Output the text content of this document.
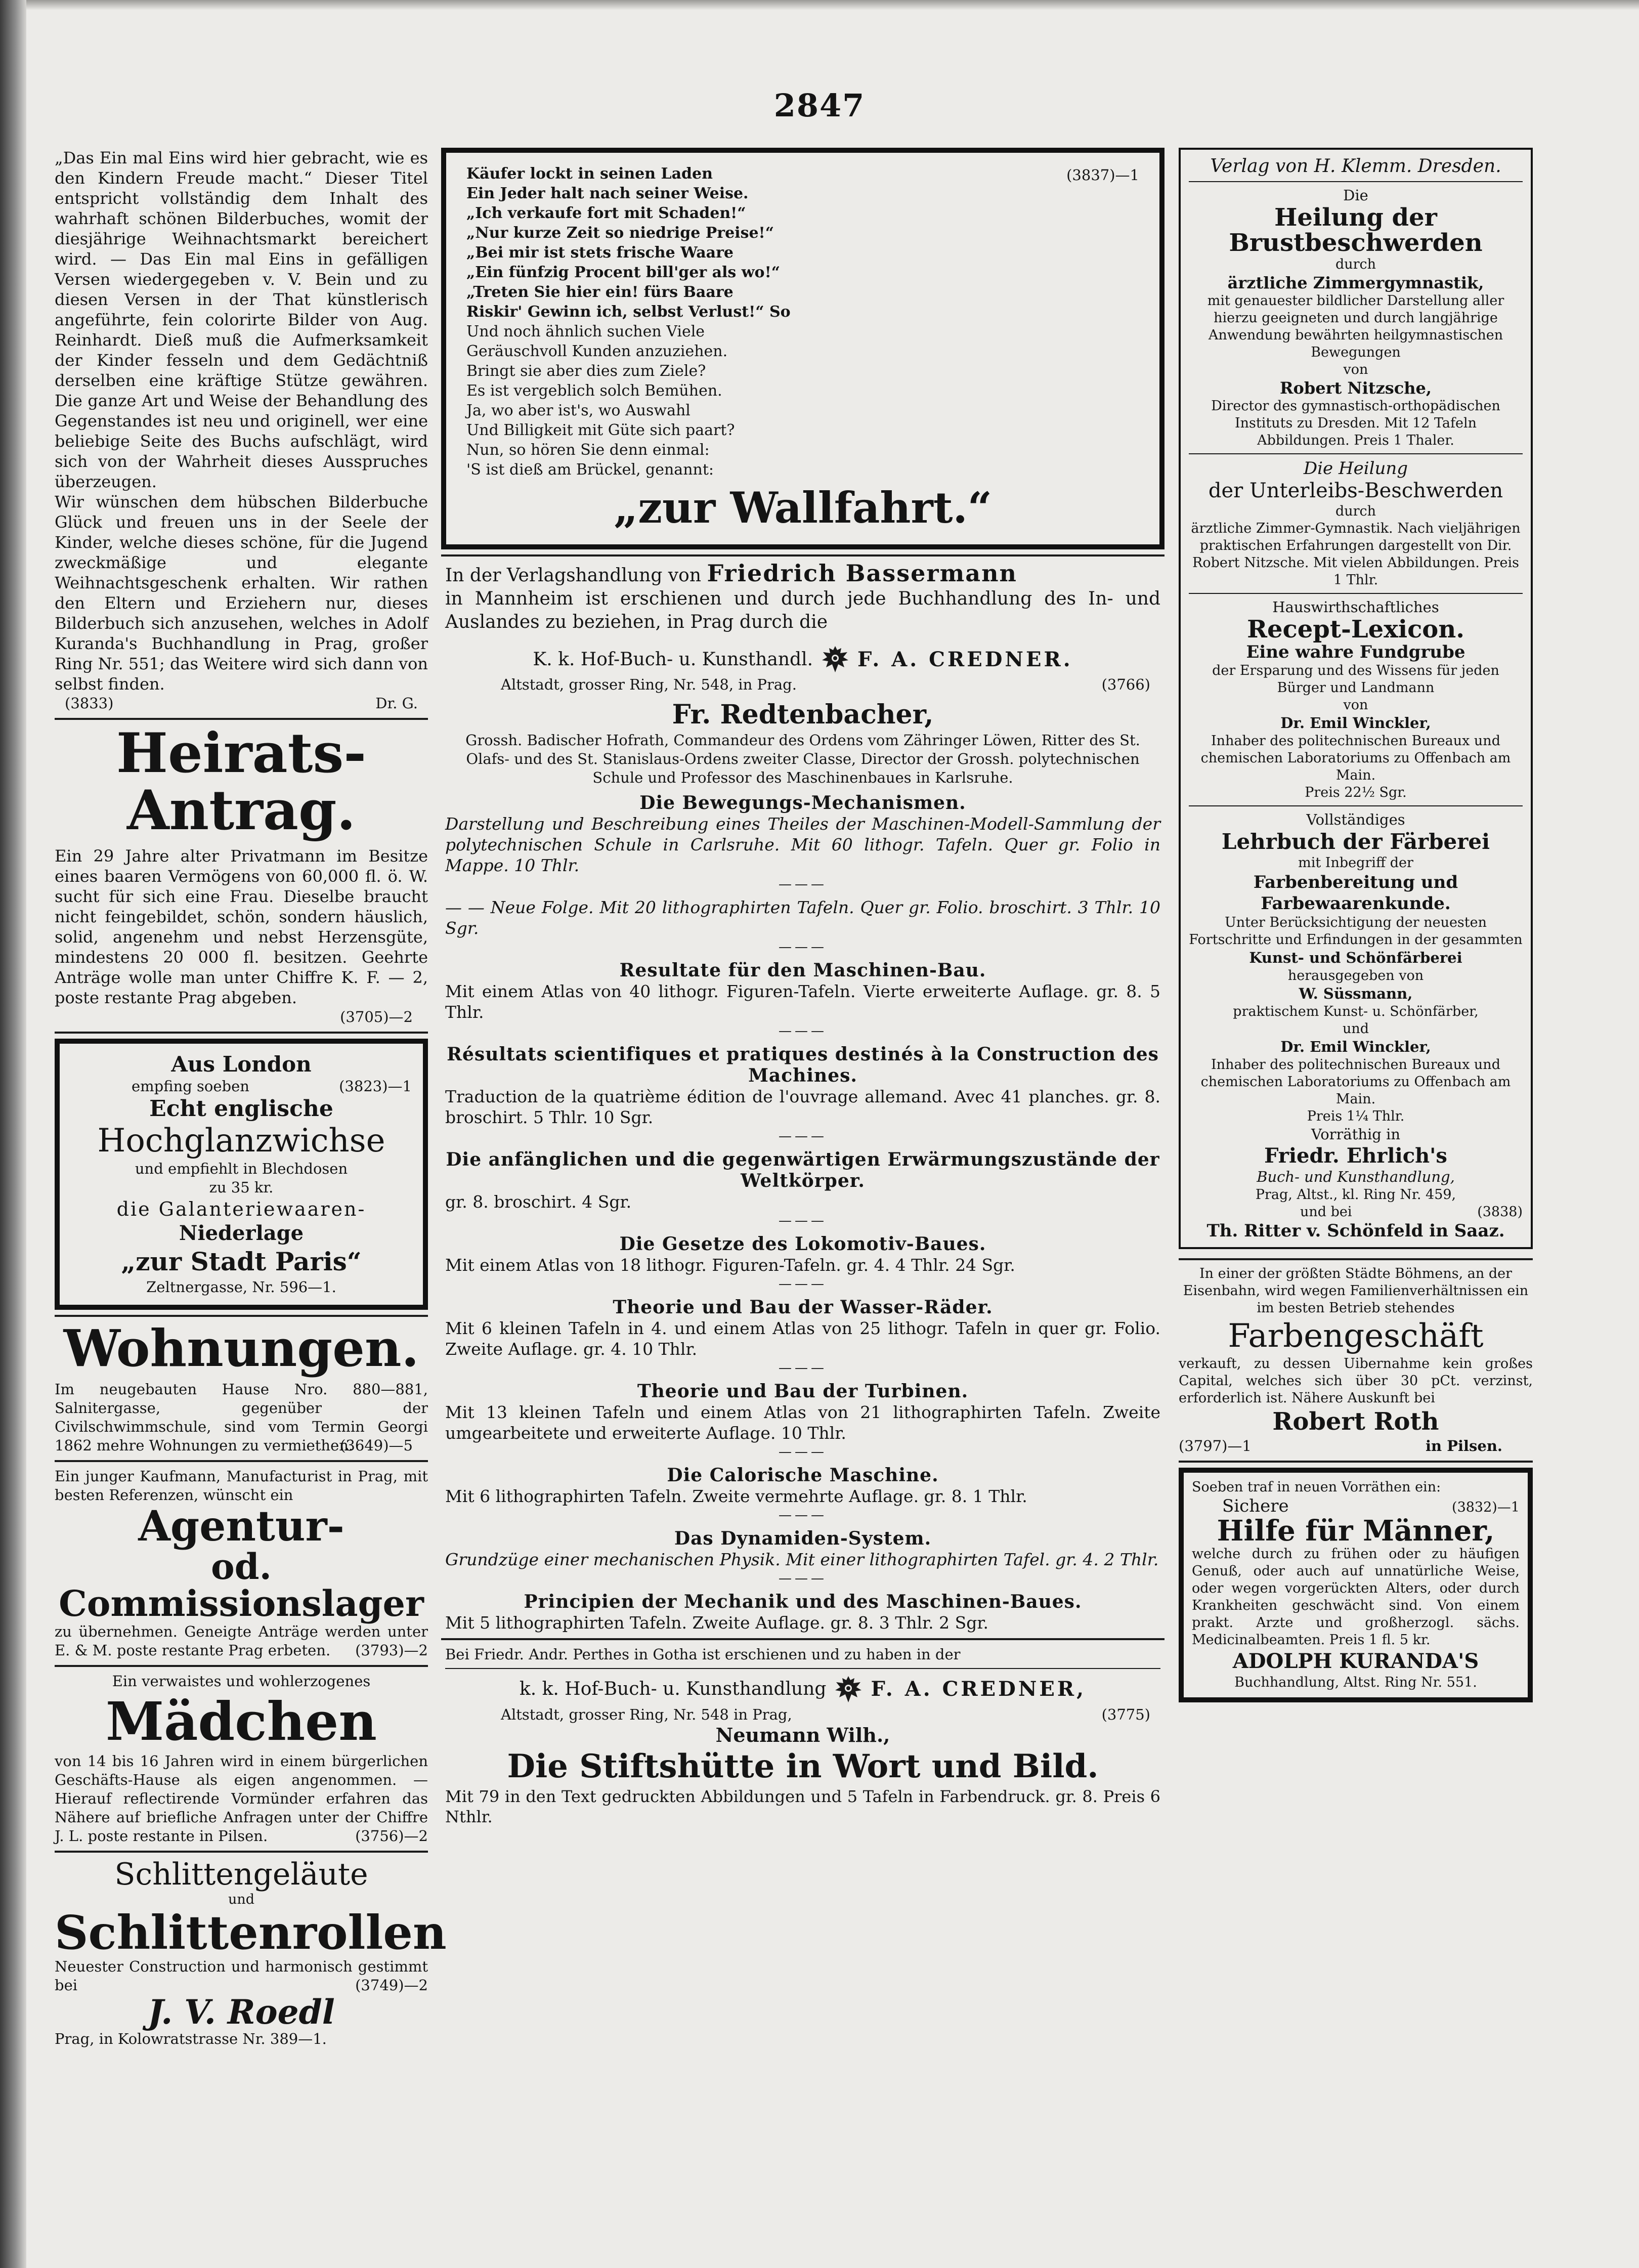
2847

„Das Ein mal Eins wird hier gebracht, wie es den Kindern Freude macht.“ Dieser Titel entspricht vollständig dem Inhalt des wahrhaft schönen Bilderbuches, womit der diesjährige Weihnachtsmarkt bereichert wird. — Das Ein mal Eins in gefälligen Versen wiedergegeben v. V. Bein und zu diesen Versen in der That künstlerisch angeführte, fein colorirte Bilder von Aug. Reinhardt. Dieß muß die Aufmerksamkeit der Kinder fesseln und dem Gedächtniß derselben eine kräftige Stütze gewähren. Die ganze Art und Weise der Behandlung des Gegenstandes ist neu und originell, wer eine beliebige Seite des Buchs aufschlägt, wird sich von der Wahrheit dieses Ausspruches überzeugen.

Wir wünschen dem hübschen Bilderbuche Glück und freuen uns in der Seele der Kinder, welche dieses schöne, für die Jugend zweckmäßige und elegante Weihnachtsgeschenk erhalten. Wir rathen den Eltern und Erziehern nur, dieses Bilderbuch sich anzusehen, welches in Adolf Kuranda's Buchhandlung in Prag, großer Ring Nr. 551; das Weitere wird sich dann von selbst finden.

(3833)	Dr. G.

Heirats-Antrag.

Ein 29 Jahre alter Privatmann im Besitze eines baaren Vermögens von 60,000 fl. ö. W. sucht für sich eine Frau. Dieselbe braucht nicht feingebildet, schön, sondern häuslich, solid, angenehm und nebst Herzensgüte, mindestens 20 000 fl. besitzen. Geehrte Anträge wolle man unter Chiffre K. F. — 2, poste restante Prag abgeben.

(3705)—2

Aus London

empfing soeben	(3823)—1

Echt englische

Hochglanzwichse

und empfiehlt in Blechdosen

zu 35 kr.

die Galanteriewaaren-

Niederlage

„zur Stadt Paris“

Zeltnergasse, Nr. 596—1.

Wohnungen.

Im neugebauten Hause Nro. 880—881, Salnitergasse, gegenüber der Civilschwimmschule, sind vom Termin Georgi 1862 mehre Wohnungen zu vermiethen.

(3649)—5

Ein junger Kaufmann, Manufacturist in Prag, mit besten Referenzen, wünscht ein

Agentur-

od. Commissionslager

zu übernehmen. Geneigte Anträge werden unter E. & M. poste restante Prag erbeten.	(3793)—2

Ein verwaistes und wohlerzogenes

Mädchen

von 14 bis 16 Jahren wird in einem bürgerlichen Geschäfts-Hause als eigen angenommen. — Hierauf reflectirende Vormünder erfahren das Nähere auf briefliche Anfragen unter der Chiffre J. L. poste restante in Pilsen.	(3756)—2

Schlittengeläute

und

Schlittenrollen

Neuester Construction und harmonisch gestimmt bei	(3749)—2

J. V. Roedl

Prag, in Kolowratstrasse Nr. 389—1.

Käufer lockt in seinen Laden

Ein Jeder halt nach seiner Weise.

„Ich verkaufe fort mit Schaden!“

„Nur kurze Zeit so niedrige Preise!“

„Bei mir ist stets frische Waare

„Ein fünfzig Procent bill'ger als wo!“

„Treten Sie hier ein! fürs Baare

Riskir' Gewinn ich, selbst Verlust!“ So

Und noch ähnlich suchen Viele

Geräuschvoll Kunden anzuziehen.

Bringt sie aber dies zum Ziele?

Es ist vergeblich solch Bemühen.

Ja, wo aber ist's, wo Auswahl

Und Billigkeit mit Güte sich paart?

Nun, so hören Sie denn einmal:

'S ist dieß am Brückel, genannt:

(3837)—1

„zur Wallfahrt.“

In der Verlagshandlung von Friedrich Bassermann

in Mannheim ist erschienen und durch jede Buchhandlung des In- und Auslandes zu beziehen, in Prag durch die

K. k. Hof-Buch- u. Kunsthandl. F. A. CREDNER.
Altstadt, grosser Ring, Nr. 548, in Prag.	(3766)

Fr. Redtenbacher,

Grossh. Badischer Hofrath, Commandeur des Ordens vom Zähringer Löwen, Ritter des St. Olafs- und des St. Stanislaus-Ordens zweiter Classe, Director der Grossh. polytechnischen Schule und Professor des Maschinenbaues in Karlsruhe.

Die Bewegungs-Mechanismen.

Darstellung und Beschreibung eines Theiles der Maschinen-Modell-Sammlung der polytechnischen Schule in Carlsruhe. Mit 60 lithogr. Tafeln. Quer gr. Folio in Mappe. 10 Thlr.

———

— — Neue Folge. Mit 20 lithographirten Tafeln. Quer gr. Folio. broschirt. 3 Thlr. 10 Sgr.

———

Resultate für den Maschinen-Bau.

Mit einem Atlas von 40 lithogr. Figuren-Tafeln. Vierte erweiterte Auflage. gr. 8. 5 Thlr.

———

Résultats scientifiques et pratiques destinés à la Construction des Machines.

Traduction de la quatrième édition de l'ouvrage allemand. Avec 41 planches. gr. 8. broschirt. 5 Thlr. 10 Sgr.

———

Die anfänglichen und die gegenwärtigen Erwärmungszustände der Weltkörper.

gr. 8. broschirt. 4 Sgr.

———

Die Gesetze des Lokomotiv-Baues.

Mit einem Atlas von 18 lithogr. Figuren-Tafeln. gr. 4. 4 Thlr. 24 Sgr.

———

Theorie und Bau der Wasser-Räder.

Mit 6 kleinen Tafeln in 4. und einem Atlas von 25 lithogr. Tafeln in quer gr. Folio. Zweite Auflage. gr. 4. 10 Thlr.

———

Theorie und Bau der Turbinen.

Mit 13 kleinen Tafeln und einem Atlas von 21 lithographirten Tafeln. Zweite umgearbeitete und erweiterte Auflage. 10 Thlr.

———

Die Calorische Maschine.

Mit 6 lithographirten Tafeln. Zweite vermehrte Auflage. gr. 8. 1 Thlr.

———

Das Dynamiden-System.

Grundzüge einer mechanischen Physik. Mit einer lithographirten Tafel. gr. 4. 2 Thlr.

———

Principien der Mechanik und des Maschinen-Baues.

Mit 5 lithographirten Tafeln. Zweite Auflage. gr. 8. 3 Thlr. 2 Sgr.

Bei Friedr. Andr. Perthes in Gotha ist erschienen und zu haben in der

k. k. Hof-Buch- u. Kunsthandlung F. A. CREDNER,
Altstadt, grosser Ring, Nr. 548 in Prag,	(3775)

Neumann Wilh.,

Die Stiftshütte in Wort und Bild.

Mit 79 in den Text gedruckten Abbildungen und 5 Tafeln in Farbendruck. gr. 8. Preis 6 Nthlr.

Verlag von H. Klemm. Dresden.

Die

Heilung der Brustbeschwerden

durch

ärztliche Zimmergymnastik,

mit genauester bildlicher Darstellung aller hierzu geeigneten und durch langjährige Anwendung bewährten heilgymnastischen Bewegungen

von

Robert Nitzsche,

Director des gymnastisch-orthopädischen Instituts zu Dresden. Mit 12 Tafeln Abbildungen. Preis 1 Thaler.

Die Heilung

der Unterleibs-Beschwerden

durch

ärztliche Zimmer-Gymnastik. Nach vieljährigen praktischen Erfahrungen dargestellt von Dir. Robert Nitzsche. Mit vielen Abbildungen. Preis 1 Thlr.

Hauswirthschaftliches

Recept-Lexicon.

Eine wahre Fundgrube

der Ersparung und des Wissens für jeden Bürger und Landmann

von

Dr. Emil Winckler,

Inhaber des politechnischen Bureaux und chemischen Laboratoriums zu Offenbach am Main.

Preis 22½ Sgr.

Vollständiges

Lehrbuch der Färberei

mit Inbegriff der

Farbenbereitung und Farbewaarenkunde.

Unter Berücksichtigung der neuesten Fortschritte und Erfindungen in der gesammten

Kunst- und Schönfärberei

herausgegeben von

W. Süssmann,

praktischem Kunst- u. Schönfärber,

und

Dr. Emil Winckler,

Inhaber des politechnischen Bureaux und chemischen Laboratoriums zu Offenbach am Main.

Preis 1¼ Thlr.

Vorräthig in

Friedr. Ehrlich's

Buch- und Kunsthandlung,

Prag, Altst., kl. Ring Nr. 459,

und bei	(3838)

Th. Ritter v. Schönfeld in Saaz.

In einer der größten Städte Böhmens, an der Eisenbahn, wird wegen Familienverhältnissen ein im besten Betrieb stehendes

Farbengeschäft

verkauft, zu dessen Uibernahme kein großes Capital, welches sich über 30 pCt. verzinst, erforderlich ist. Nähere Auskunft bei

Robert Roth

(3797)—1	in Pilsen.

Soeben traf in neuen Vorräthen ein:

Sichere	(3832)—1

Hilfe für Männer,

welche durch zu frühen oder zu häufigen Genuß, oder auch auf unnatürliche Weise, oder wegen vorgerückten Alters, oder durch Krankheiten geschwächt sind. Von einem prakt. Arzte und großherzogl. sächs. Medicinalbeamten. Preis 1 fl. 5 kr.

ADOLPH KURANDA'S

Buchhandlung, Altst. Ring Nr. 551.
